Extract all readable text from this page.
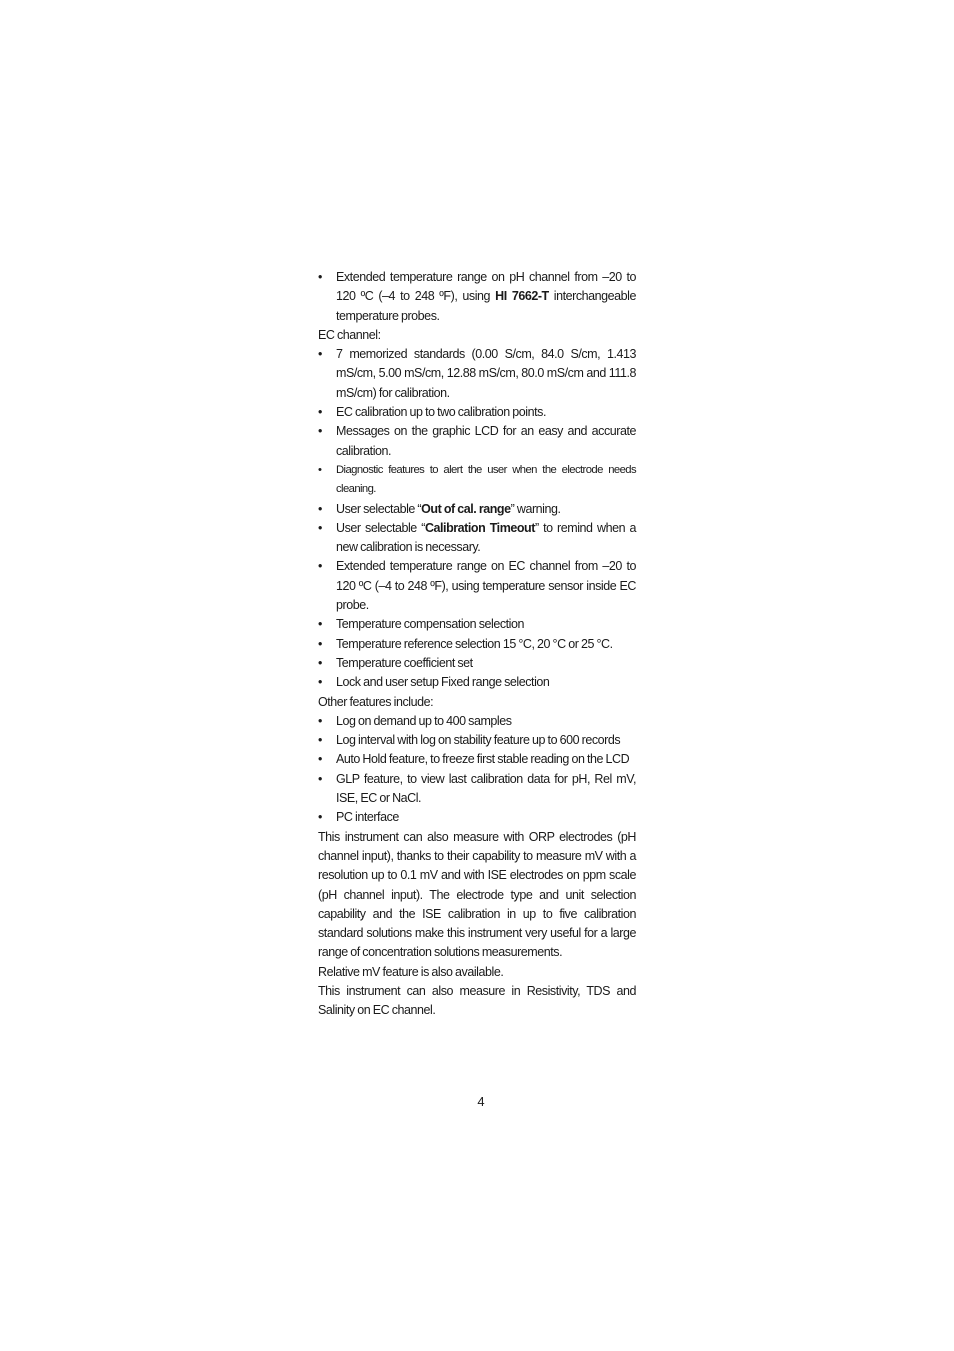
• Extended temperature range on pH channel from –20 to 120 ºC (–4 to 248 ºF), using HI 7662-T interchangeable temperature probes.

EC channel:

• 7 memorized standards (0.00 S/cm, 84.0 S/cm, 1.413 mS/cm, 5.00 mS/cm, 12.88 mS/cm, 80.0 mS/cm and 111.8 mS/cm) for calibration.
• EC calibration up to two calibration points.
• Messages on the graphic LCD for an easy and accurate calibration.
• Diagnostic features to alert the user when the electrode needs cleaning.
• User selectable “Out of cal. range” warning.
• User selectable “Calibration Timeout” to remind when a new calibration is necessary.
• Extended temperature range on EC channel from –20 to 120 ºC (–4 to 248 ºF), using temperature sensor inside EC probe.
• Temperature compensation selection
• Temperature reference selection 15 °C, 20 °C or 25 °C.
• Temperature coefficient set
• Lock and user setup Fixed range selection

Other features include:

• Log on demand up to 400 samples
• Log interval with log on stability feature up to 600 records
• Auto Hold feature, to freeze first stable reading on the LCD
• GLP feature, to view last calibration data for pH, Rel mV, ISE, EC or NaCl.
• PC interface

This instrument can also measure with ORP electrodes (pH channel input), thanks to their capability to measure mV with a resolution up to 0.1 mV and with ISE electrodes on ppm scale (pH channel input). The electrode type and unit selection capability and the ISE calibration in up to five calibration standard solutions make this instrument very useful for a large range of concentration solutions measurements.

Relative mV feature is also available.

This instrument can also measure in Resistivity, TDS and Salinity on EC channel.

4
